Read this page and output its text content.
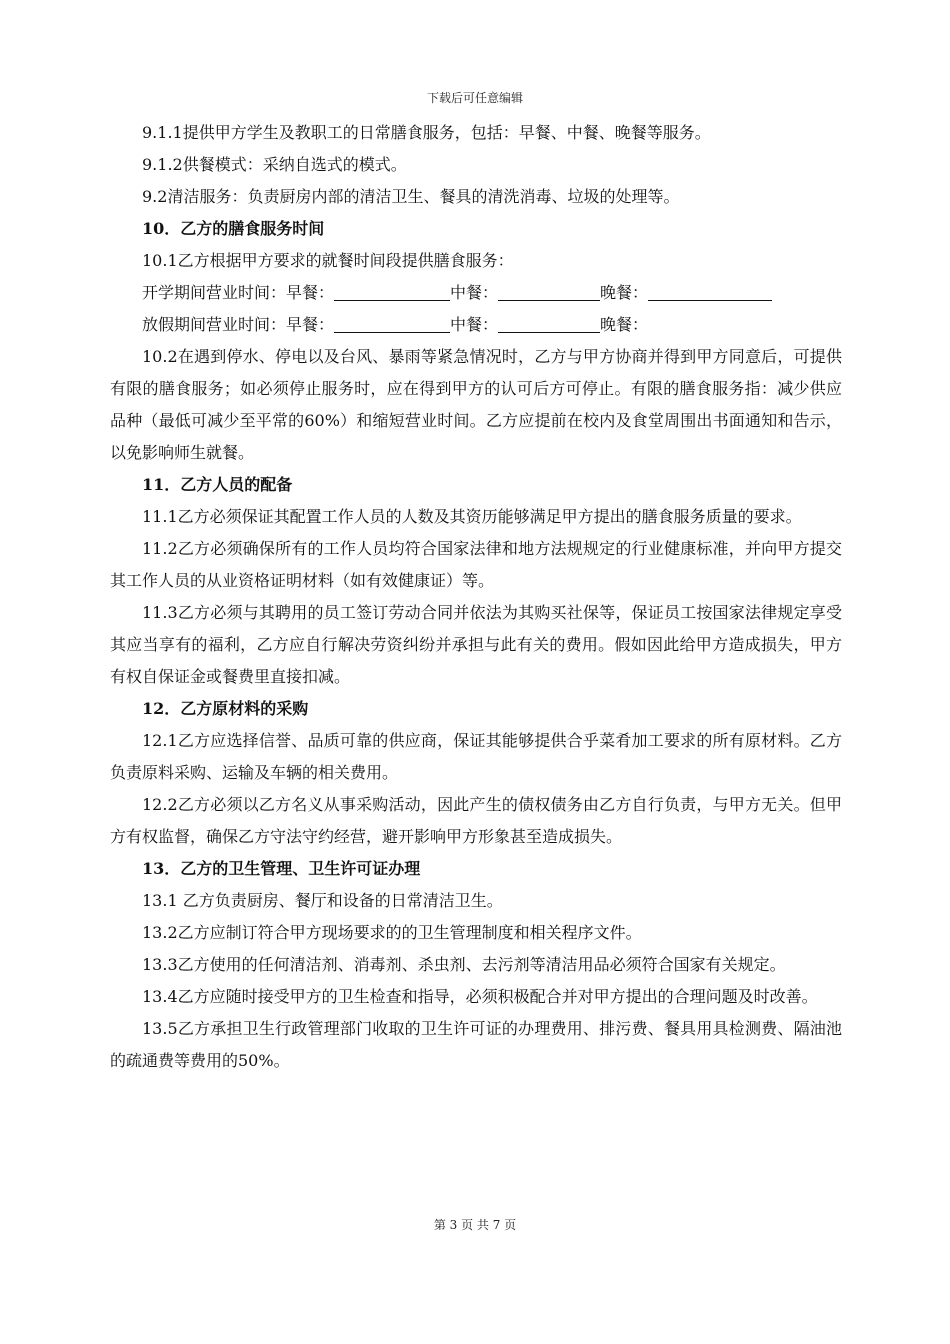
下载后可任意编辑

9.1.1提供甲方学生及教职工的日常膳食服务，包括：早餐、中餐、晚餐等服务。

9.1.2供餐模式：采纳自选式的模式。

9.2清洁服务：负责厨房内部的清洁卫生、餐具的清洗消毒、垃圾的处理等。

10．乙方的膳食服务时间

10.1乙方根据甲方要求的就餐时间段提供膳食服务：

开学期间营业时间：早餐：	中餐：	晚餐：

放假期间营业时间：早餐：	中餐：	晚餐：

10.2在遇到停水、停电以及台风、暴雨等紧急情况时，乙方与甲方协商并得到甲方同意后，可提供有限的膳食服务；如必须停止服务时，应在得到甲方的认可后方可停止。有限的膳食服务指：减少供应品种（最低可减少至平常的60%）和缩短营业时间。乙方应提前在校内及食堂周围出书面通知和告示，以免影响师生就餐。

11．乙方人员的配备

11.1乙方必须保证其配置工作人员的人数及其资历能够满足甲方提出的膳食服务质量的要求。

11.2乙方必须确保所有的工作人员均符合国家法律和地方法规规定的行业健康标准，并向甲方提交其工作人员的从业资格证明材料（如有效健康证）等。

11.3乙方必须与其聘用的员工签订劳动合同并依法为其购买社保等，保证员工按国家法律规定享受其应当享有的福利，乙方应自行解决劳资纠纷并承担与此有关的费用。假如因此给甲方造成损失，甲方有权自保证金或餐费里直接扣减。

12．乙方原材料的采购

12.1乙方应选择信誉、品质可靠的供应商，保证其能够提供合乎菜肴加工要求的所有原材料。乙方负责原料采购、运输及车辆的相关费用。

12.2乙方必须以乙方名义从事采购活动，因此产生的债权债务由乙方自行负责，与甲方无关。但甲方有权监督，确保乙方守法守约经营，避开影响甲方形象甚至造成损失。

13．乙方的卫生管理、卫生许可证办理

13.1 乙方负责厨房、餐厅和设备的日常清洁卫生。

13.2乙方应制订符合甲方现场要求的的卫生管理制度和相关程序文件。

13.3乙方使用的任何清洁剂、消毒剂、杀虫剂、去污剂等清洁用品必须符合国家有关规定。

13.4乙方应随时接受甲方的卫生检查和指导，必须积极配合并对甲方提出的合理问题及时改善。

13.5乙方承担卫生行政管理部门收取的卫生许可证的办理费用、排污费、餐具用具检测费、隔油池的疏通费等费用的50%。

第 3 页 共 7 页
